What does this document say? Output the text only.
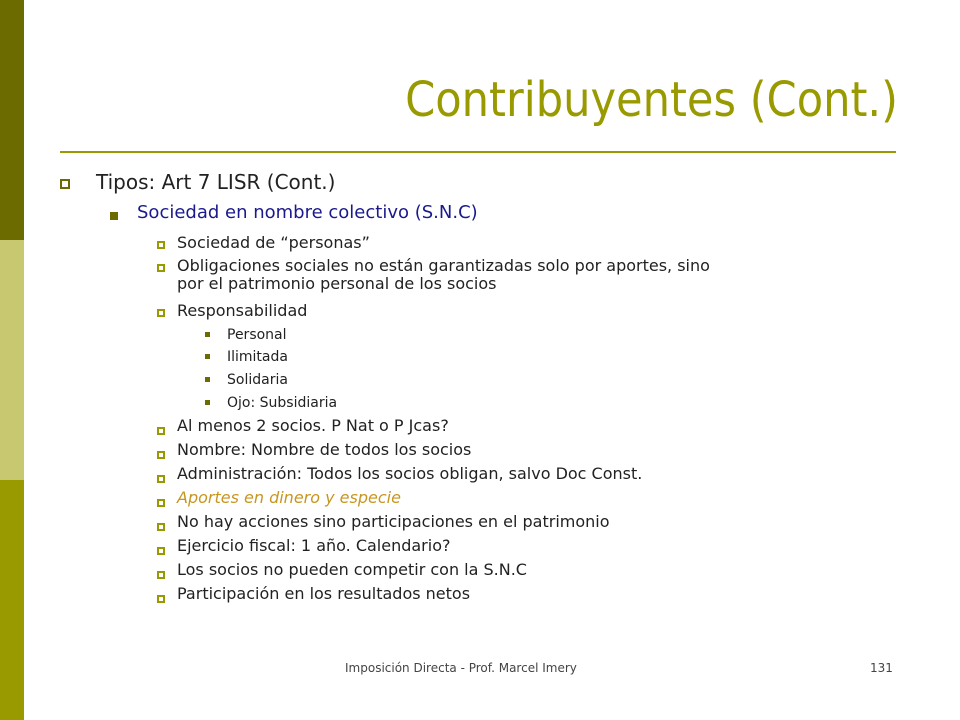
Contribuyentes (Cont.)
Tipos: Art 7 LISR (Cont.)
Sociedad en nombre colectivo (S.N.C)
Sociedad de “personas”
Obligaciones sociales no están garantizadas solo por aportes, sino
por el patrimonio personal de los socios
Responsabilidad
Personal
Ilimitada
Solidaria
Ojo: Subsidiaria
Al menos 2 socios. P Nat o P Jcas?
Nombre: Nombre de todos los socios
Administración: Todos los socios obligan, salvo Doc Const.
Aportes en dinero y especie
No hay acciones sino participaciones en el patrimonio
Ejercicio fiscal: 1 año. Calendario?
Los socios no pueden competir con la S.N.C
Participación en los resultados netos
Imposición Directa - Prof. Marcel Imery	131
